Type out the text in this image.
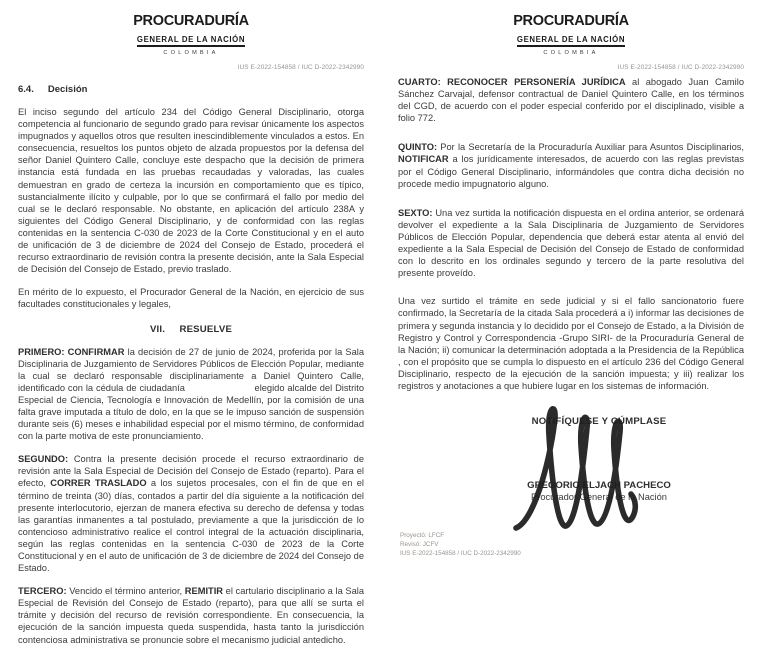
PROCURADURÍA
GENERAL DE LA NACIÓN
COLOMBIA
IUS E-2022-154858 / IUC D-2022-2342990
6.4. Decisión

El inciso segundo del artículo 234 del Código General Disciplinario, otorga competencia al funcionario de segundo grado para revisar únicamente los aspectos impugnados y aquellos otros que resulten inescindiblemente vinculados a estos. En consecuencia, resueltos los puntos objeto de alzada propuestos por la defensa del señor Daniel Quintero Calle, concluye este despacho que la decisión de primera instancia está fundada en las pruebas recaudadas y valoradas, las cuales demuestran en grado de certeza la incursión en comportamiento que es típico, sustancialmente ilícito y culpable, por lo que se confirmará el fallo por medio del cual se le declaró responsable. No obstante, en aplicación del artículo 238A y siguientes del Código General Disciplinario, y de conformidad con las reglas contenidas en la sentencia C-030 de 2023 de la Corte Constitucional y en el auto de unificación de 3 de diciembre de 2024 del Consejo de Estado, procederá el recurso extraordinario de revisión contra la presente decisión, ante la Sala Especial de Decisión del Consejo de Estado, previo traslado.

En mérito de lo expuesto, el Procurador General de la Nación, en ejercicio de sus facultades constitucionales y legales,

VII.     RESUELVE

PRIMERO: CONFIRMAR la decisión de 27 de junio de 2024, proferida por la Sala Disciplinaria de Juzgamiento de Servidores Públicos de Elección Popular, mediante la cual se declaró responsable disciplinariamente a Daniel Quintero Calle, identificado con la cédula de ciudadanía                        elegido alcalde del Distrito Especial de Ciencia, Tecnología e Innovación de Medellín, por la comisión de una falta grave imputada a título de dolo, en la que se le impuso sanción de suspensión durante seis (6) meses e inhabilidad especial por el mismo término, de conformidad con la parte motiva de este pronunciamiento.

SEGUNDO: Contra la presente decisión procede el recurso extraordinario de revisión ante la Sala Especial de Decisión del Consejo de Estado (reparto). Para el efecto, CORRER TRASLADO a los sujetos procesales, con el fin de que en el término de treinta (30) días, contados a partir del día siguiente a la notificación del presente interlocutorio, ejerzan de manera efectiva su derecho de defensa y todas las garantías inmanentes a tal postulado, previamente a que la jurisdicción de lo contencioso administrativo realice el control integral de la actuación disciplinaria, según las reglas contenidas en la sentencia C-030 de 2023 de la Corte Constitucional y en el auto de unificación de 3 de diciembre de 2024 del Consejo de Estado.

TERCERO: Vencido el término anterior, REMITIR el cartulario disciplinario a la Sala Especial de Revisión del Consejo de Estado (reparto), para que allí se surta el trámite y decisión del recurso de revisión correspondiente. En consecuencia, la ejecución de la sanción impuesta queda suspendida, hasta tanto la jurisdicción contenciosa administrativa se pronuncie sobre el mecanismo judicial antedicho.

PROCURADURÍA
GENERAL DE LA NACIÓN
COLOMBIA
IUS E-2022-154858 / IUC D-2022-2342990

CUARTO: RECONOCER PERSONERÍA JURÍDICA al abogado Juan Camilo Sánchez Carvajal, defensor contractual de Daniel Quintero Calle, en los términos del CGD, de acuerdo con el poder especial conferido por el disciplinado, visible a folio 772.

QUINTO: Por la Secretaría de la Procuraduría Auxiliar para Asuntos Disciplinarios, NOTIFICAR a los jurídicamente interesados, de acuerdo con las reglas previstas por el Código General Disciplinario, informándoles que contra dicha decisión no procede medio impugnatorio alguno.

SEXTO: Una vez surtida la notificación dispuesta en el ordina anterior, se ordenará devolver el expediente a la Sala Disciplinaria de Juzgamiento de Servidores Públicos de Elección Popular, dependencia que deberá estar atenta al envió del expediente a la Sala Especial de Decisión del Consejo de Estado de conformidad con lo descrito en los ordinales segundo y tercero de la parte resolutiva del presente proveído.

Una vez surtido el trámite en sede judicial y si el fallo sancionatorio fuere confirmado, la Secretaría de la citada Sala procederá a i) informar las decisiones de primera y segunda instancia y lo decidido por el Consejo de Estado, a la División de Registro y Control y Correspondencia -Grupo SIRI- de la Procuraduría General de la Nación; ii) comunicar la determinación adoptada a la Presidencia de la República , con el propósito que se cumpla lo dispuesto en el artículo 236 del Código General Disciplinario, respecto de la ejecución de la sanción impuesta; y iii) realizar los registros y anotaciones a que hubiere lugar en los sistemas de información.

NOTIFÍQUESE Y CÚMPLASE
GREGORIO ELJACH PACHECO
Procurador General de la Nación
Proyectó: LFCF
Revisó: JCFV
IUS E-2022-154858 / IUC D-2022-2342990
